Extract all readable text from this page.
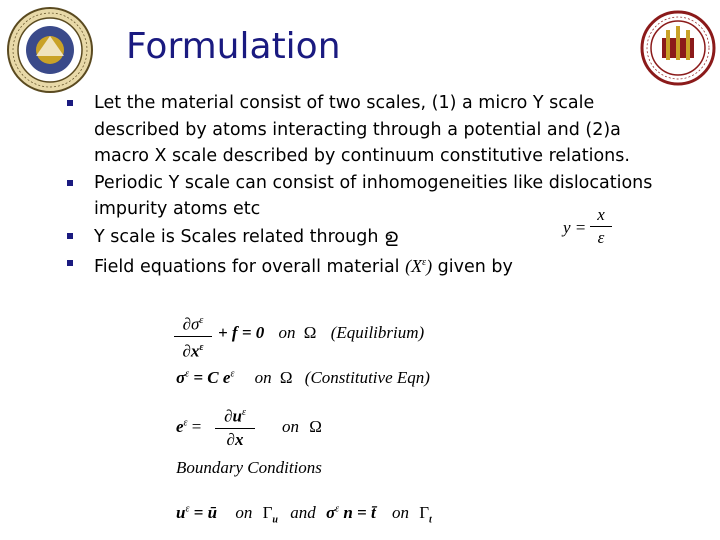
Formulation
Let the material consist of two scales, (1) a micro Y scale described by atoms interacting through a potential and (2)a macro X scale described by continuum constitutive relations.
Periodic Y scale can consist of inhomogeneities like dislocations impurity atoms etc
Y scale is Scales related through ഉ
Field equations for overall material $(X^\varepsilon)$ given by
y =
x
ε
$\partial\sigma^\varepsilon$
$\partial x^\varepsilon$
+ f = 0 on Ω (Equilibrium)
$\sigma^\varepsilon = C$ $e^\varepsilon$ on Ω (Constitutive Eqn)
$e^\varepsilon$ =
$\partial u^\varepsilon$
∂x
on Ω
Boundary Conditions
$u^\varepsilon$ = ū on $\Gamma_u$ and $\sigma^\varepsilon$ n = t̄ on $\Gamma_t$
